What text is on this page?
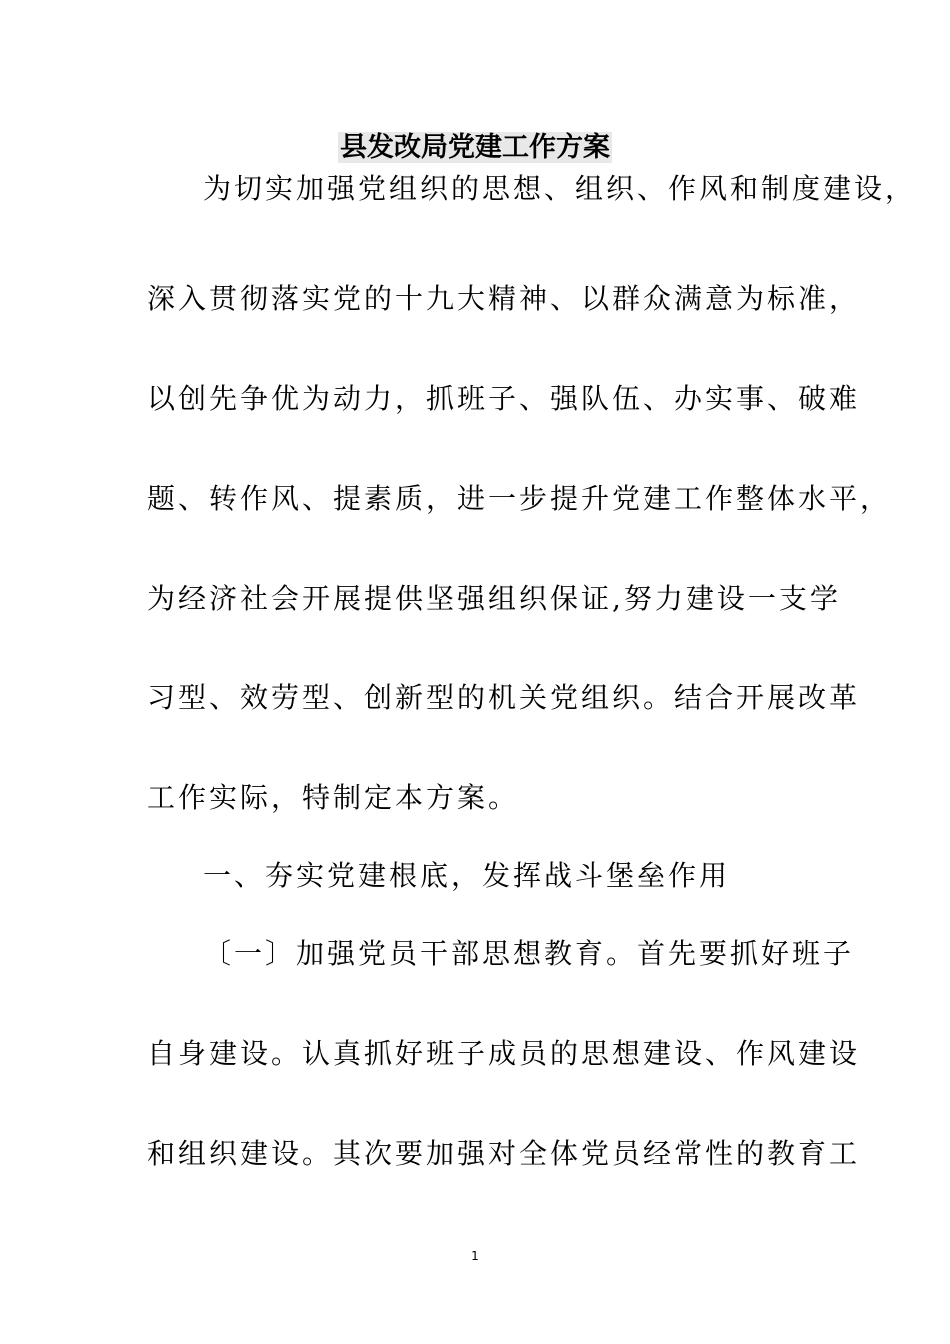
县发改局党建工作方案
为切实加强党组织的思想、组织、作风和制度建设，
深入贯彻落实党的十九大精神、以群众满意为标准，
以创先争优为动力，抓班子、强队伍、办实事、破难
题、转作风、提素质，进一步提升党建工作整体水平，
为经济社会开展提供坚强组织保证,努力建设一支学
习型、效劳型、创新型的机关党组织。结合开展改革
工作实际，特制定本方案。
一、夯实党建根底，发挥战斗堡垒作用
〔一〕加强党员干部思想教育。首先要抓好班子
自身建设。认真抓好班子成员的思想建设、作风建设
和组织建设。其次要加强对全体党员经常性的教育工
1
